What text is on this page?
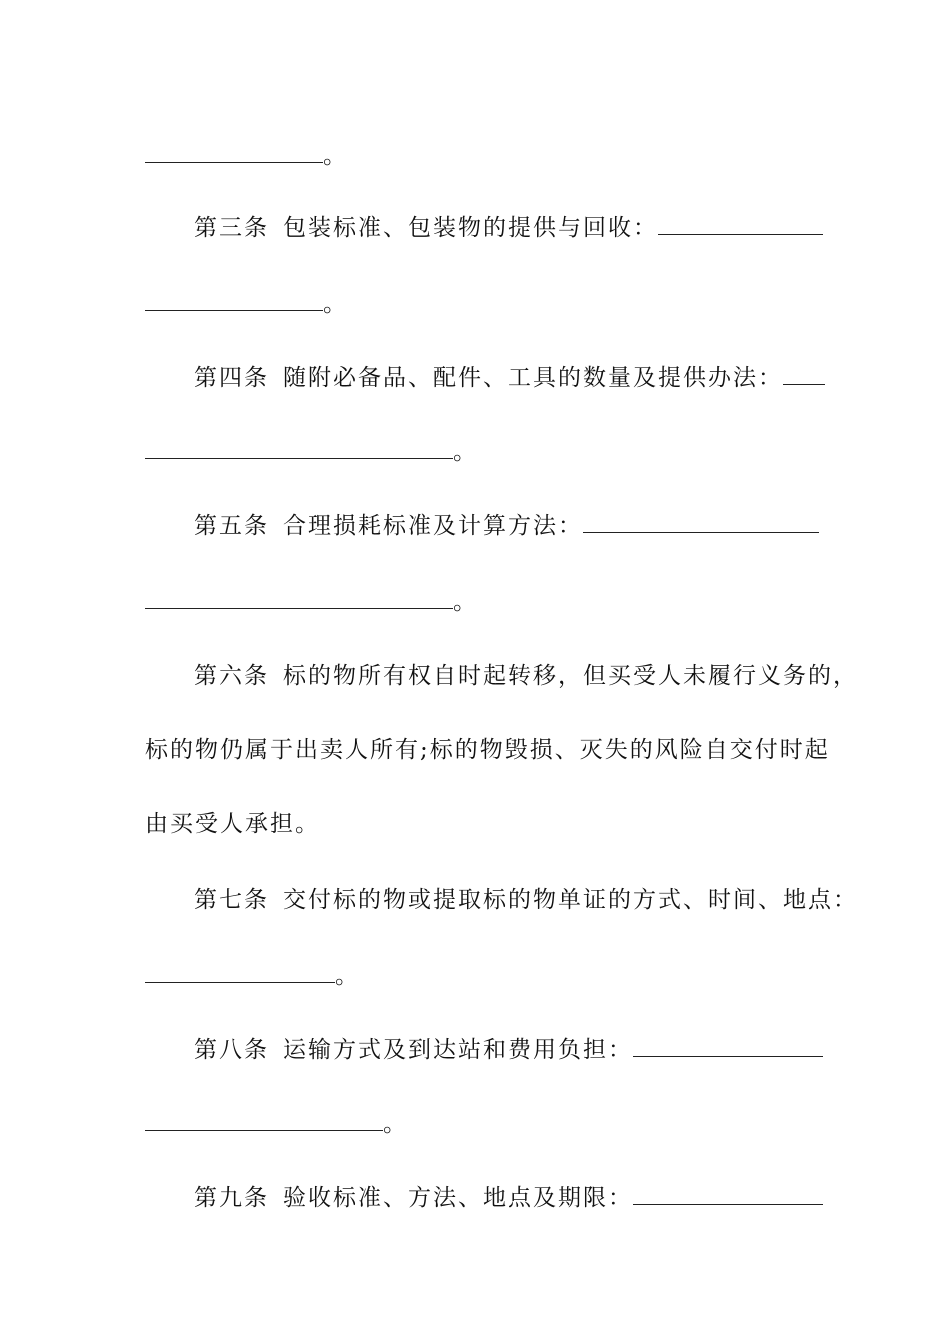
。
第三条 包装标准、包装物的提供与回收：
。
第四条 随附必备品、配件、工具的数量及提供办法：
。
第五条 合理损耗标准及计算方法：
。
第六条 标的物所有权自时起转移，但买受人未履行义务的，
标的物仍属于出卖人所有;标的物毁损、灭失的风险自交付时起
由买受人承担。
第七条 交付标的物或提取标的物单证的方式、时间、地点：
。
第八条 运输方式及到达站和费用负担：
。
第九条 验收标准、方法、地点及期限：
